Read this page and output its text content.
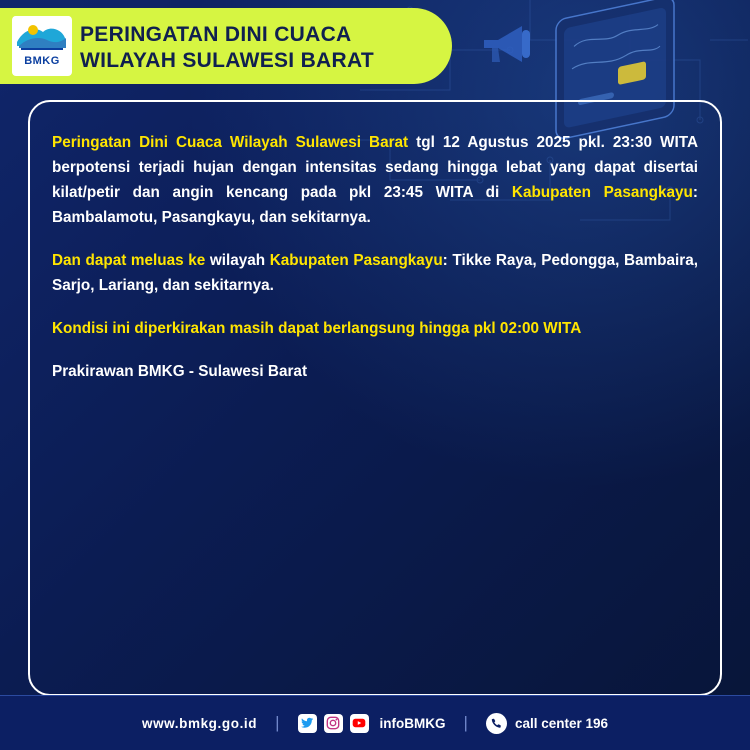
BMKG
PERINGATAN DINI CUACA
WILAYAH SULAWESI BARAT

Peringatan Dini Cuaca Wilayah Sulawesi Barat tgl 12 Agustus 2025 pkl. 23:30 WITA berpotensi terjadi hujan dengan intensitas sedang hingga lebat yang dapat disertai kilat/petir dan angin kencang pada pkl 23:45 WITA di Kabupaten Pasangkayu: Bambalamotu, Pasangkayu, dan sekitarnya.

Dan dapat meluas ke wilayah Kabupaten Pasangkayu: Tikke Raya, Pedongga, Bambaira, Sarjo, Lariang, dan sekitarnya.

Kondisi ini diperkirakan masih dapat berlangsung hingga pkl 02:00 WITA

Prakirawan BMKG - Sulawesi Barat

www.bmkg.go.id |	infoBMKG |	call center 196
